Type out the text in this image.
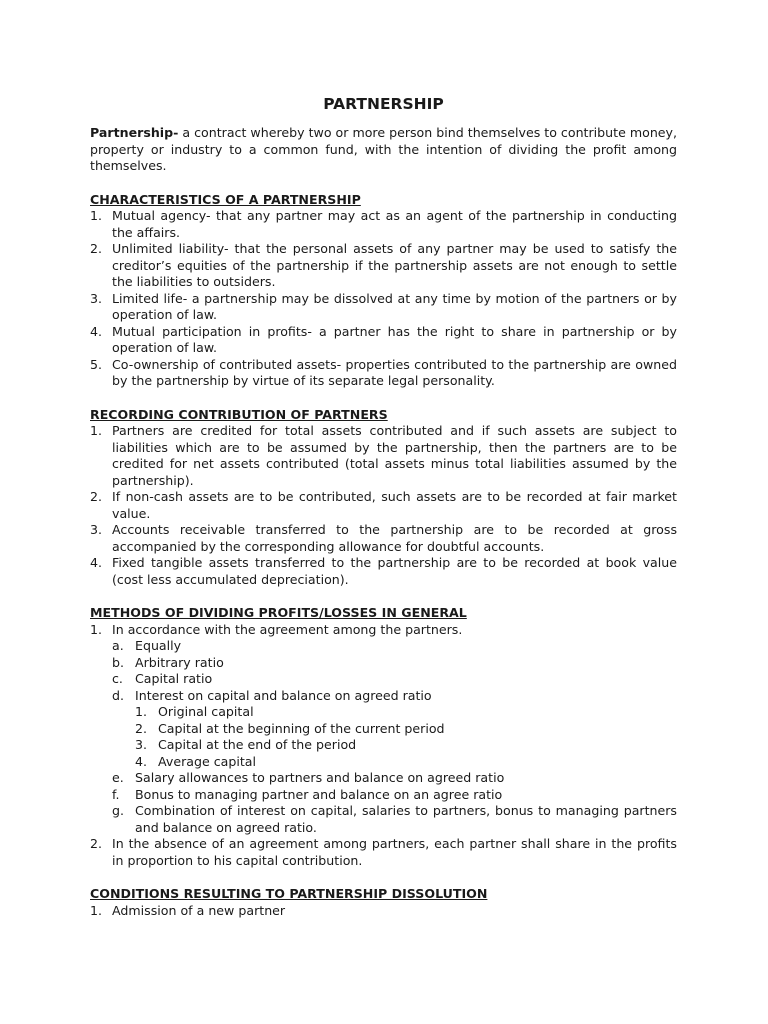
PARTNERSHIP

Partnership- a contract whereby two or more person bind themselves to contribute money, property or industry to a common fund, with the intention of dividing the profit among themselves.

CHARACTERISTICS OF A PARTNERSHIP
1. Mutual agency- that any partner may act as an agent of the partnership in conducting the affairs.
2. Unlimited liability- that the personal assets of any partner may be used to satisfy the creditor’s equities of the partnership if the partnership assets are not enough to settle the liabilities to outsiders.
3. Limited life- a partnership may be dissolved at any time by motion of the partners or by operation of law.
4. Mutual participation in profits- a partner has the right to share in partnership or by operation of law.
5. Co-ownership of contributed assets- properties contributed to the partnership are owned by the partnership by virtue of its separate legal personality.
RECORDING CONTRIBUTION OF PARTNERS
1. Partners are credited for total assets contributed and if such assets are subject to liabilities which are to be assumed by the partnership, then the partners are to be credited for net assets contributed (total assets minus total liabilities assumed by the partnership).
2. If non-cash assets are to be contributed, such assets are to be recorded at fair market value.
3. Accounts receivable transferred to the partnership are to be recorded at gross accompanied by the corresponding allowance for doubtful accounts.
4. Fixed tangible assets transferred to the partnership are to be recorded at book value (cost less accumulated depreciation).
METHODS OF DIVIDING PROFITS/LOSSES IN GENERAL
1. In accordance with the agreement among the partners.
a. Equally
b. Arbitrary ratio
c. Capital ratio
d. Interest on capital and balance on agreed ratio
1. Original capital
2. Capital at the beginning of the current period
3. Capital at the end of the period
4. Average capital
e. Salary allowances to partners and balance on agreed ratio
f. Bonus to managing partner and balance on an agree ratio
g. Combination of interest on capital, salaries to partners, bonus to managing partners and balance on agreed ratio.
2. In the absence of an agreement among partners, each partner shall share in the profits in proportion to his capital contribution.
CONDITIONS RESULTING TO PARTNERSHIP DISSOLUTION
1. Admission of a new partner
